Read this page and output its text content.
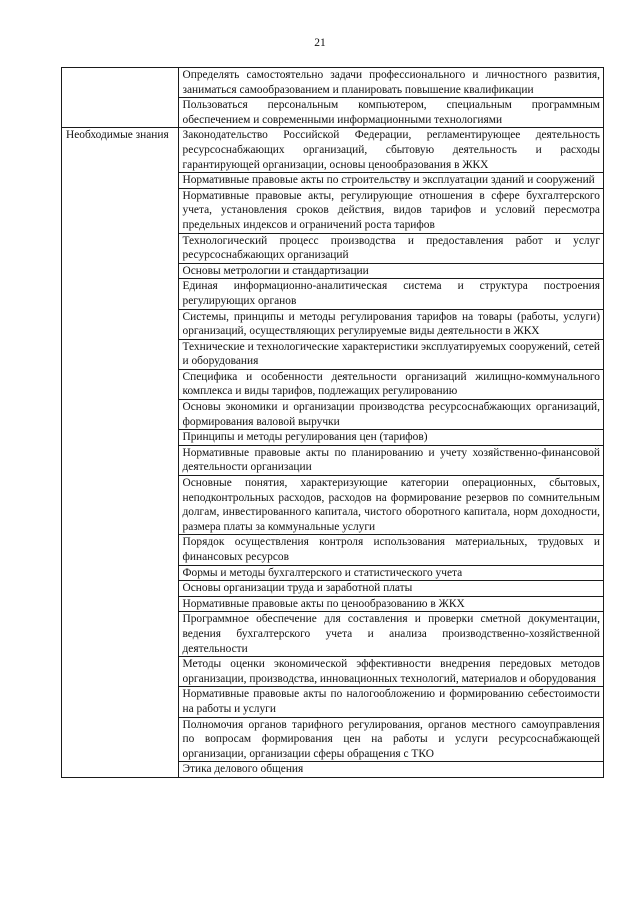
21
	Определять самостоятельно задачи профессионального и личностного развития, заниматься самообразованием и планировать повышение квалификации
	Пользоваться персональным компьютером, специальным программным обеспечением и современными информационными технологиями
Необходимые знания	Законодательство Российской Федерации, регламентирующее деятельность ресурсоснабжающих организаций, сбытовую деятельность и расходы гарантирующей организации, основы ценообразования в ЖКХ
	Нормативные правовые акты по строительству и эксплуатации зданий и сооружений
	Нормативные правовые акты, регулирующие отношения в сфере бухгалтерского учета, установления сроков действия, видов тарифов и условий пересмотра предельных индексов и ограничений роста тарифов
	Технологический процесс производства и предоставления работ и услуг ресурсоснабжающих организаций
	Основы метрологии и стандартизации
	Единая информационно-аналитическая система и структура построения регулирующих органов
	Системы, принципы и методы регулирования тарифов на товары (работы, услуги) организаций, осуществляющих регулируемые виды деятельности в ЖКХ
	Технические и технологические характеристики эксплуатируемых сооружений, сетей и оборудования
	Специфика и особенности деятельности организаций жилищно-коммунального комплекса и виды тарифов, подлежащих регулированию
	Основы экономики и организации производства ресурсоснабжающих организаций, формирования валовой выручки
	Принципы и методы регулирования цен (тарифов)
	Нормативные правовые акты по планированию и учету хозяйственно-финансовой деятельности организации
	Основные понятия, характеризующие категории операционных, сбытовых, неподконтрольных расходов, расходов на формирование резервов по сомнительным долгам, инвестированного капитала, чистого оборотного капитала, норм доходности, размера платы за коммунальные услуги
	Порядок осуществления контроля использования материальных, трудовых и финансовых ресурсов
	Формы и методы бухгалтерского и статистического учета
	Основы организации труда и заработной платы
	Нормативные правовые акты по ценообразованию в ЖКХ
	Программное обеспечение для составления и проверки сметной документации, ведения бухгалтерского учета и анализа производственно-хозяйственной деятельности
	Методы оценки экономической эффективности внедрения передовых методов организации, производства, инновационных технологий, материалов и оборудования
	Нормативные правовые акты по налогообложению и формированию себестоимости на работы и услуги
	Полномочия органов тарифного регулирования, органов местного самоуправления по вопросам формирования цен на работы и услуги ресурсоснабжающей организации, организации сферы обращения с ТКО
	Этика делового общения
